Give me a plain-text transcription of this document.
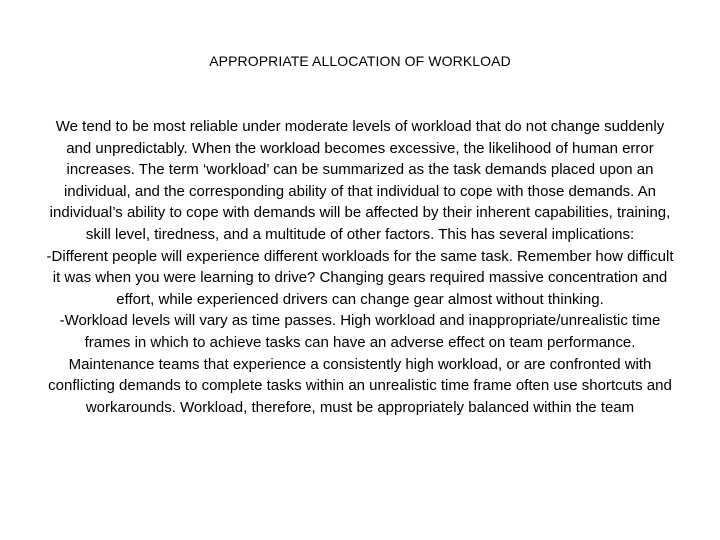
APPROPRIATE ALLOCATION OF WORKLOAD

We tend to be most reliable under moderate levels of workload that do not change suddenly and unpredictably. When the workload becomes excessive, the likelihood of human error increases. The term ‘workload’ can be summarized as the task demands placed upon an individual, and the corresponding ability of that individual to cope with those demands. An individual’s ability to cope with demands will be affected by their inherent capabilities, training, skill level, tiredness, and a multitude of other factors. This has several implications:

-Different people will experience different workloads for the same task. Remember how difficult it was when you were learning to drive? Changing gears required massive concentration and effort, while experienced drivers can change gear almost without thinking.

-Workload levels will vary as time passes. High workload and inappropriate/unrealistic time frames in which to achieve tasks can have an adverse effect on team performance. Maintenance teams that experience a consistently high workload, or are confronted with conflicting demands to complete tasks within an unrealistic time frame often use shortcuts and workarounds. Workload, therefore, must be appropriately balanced within the team
